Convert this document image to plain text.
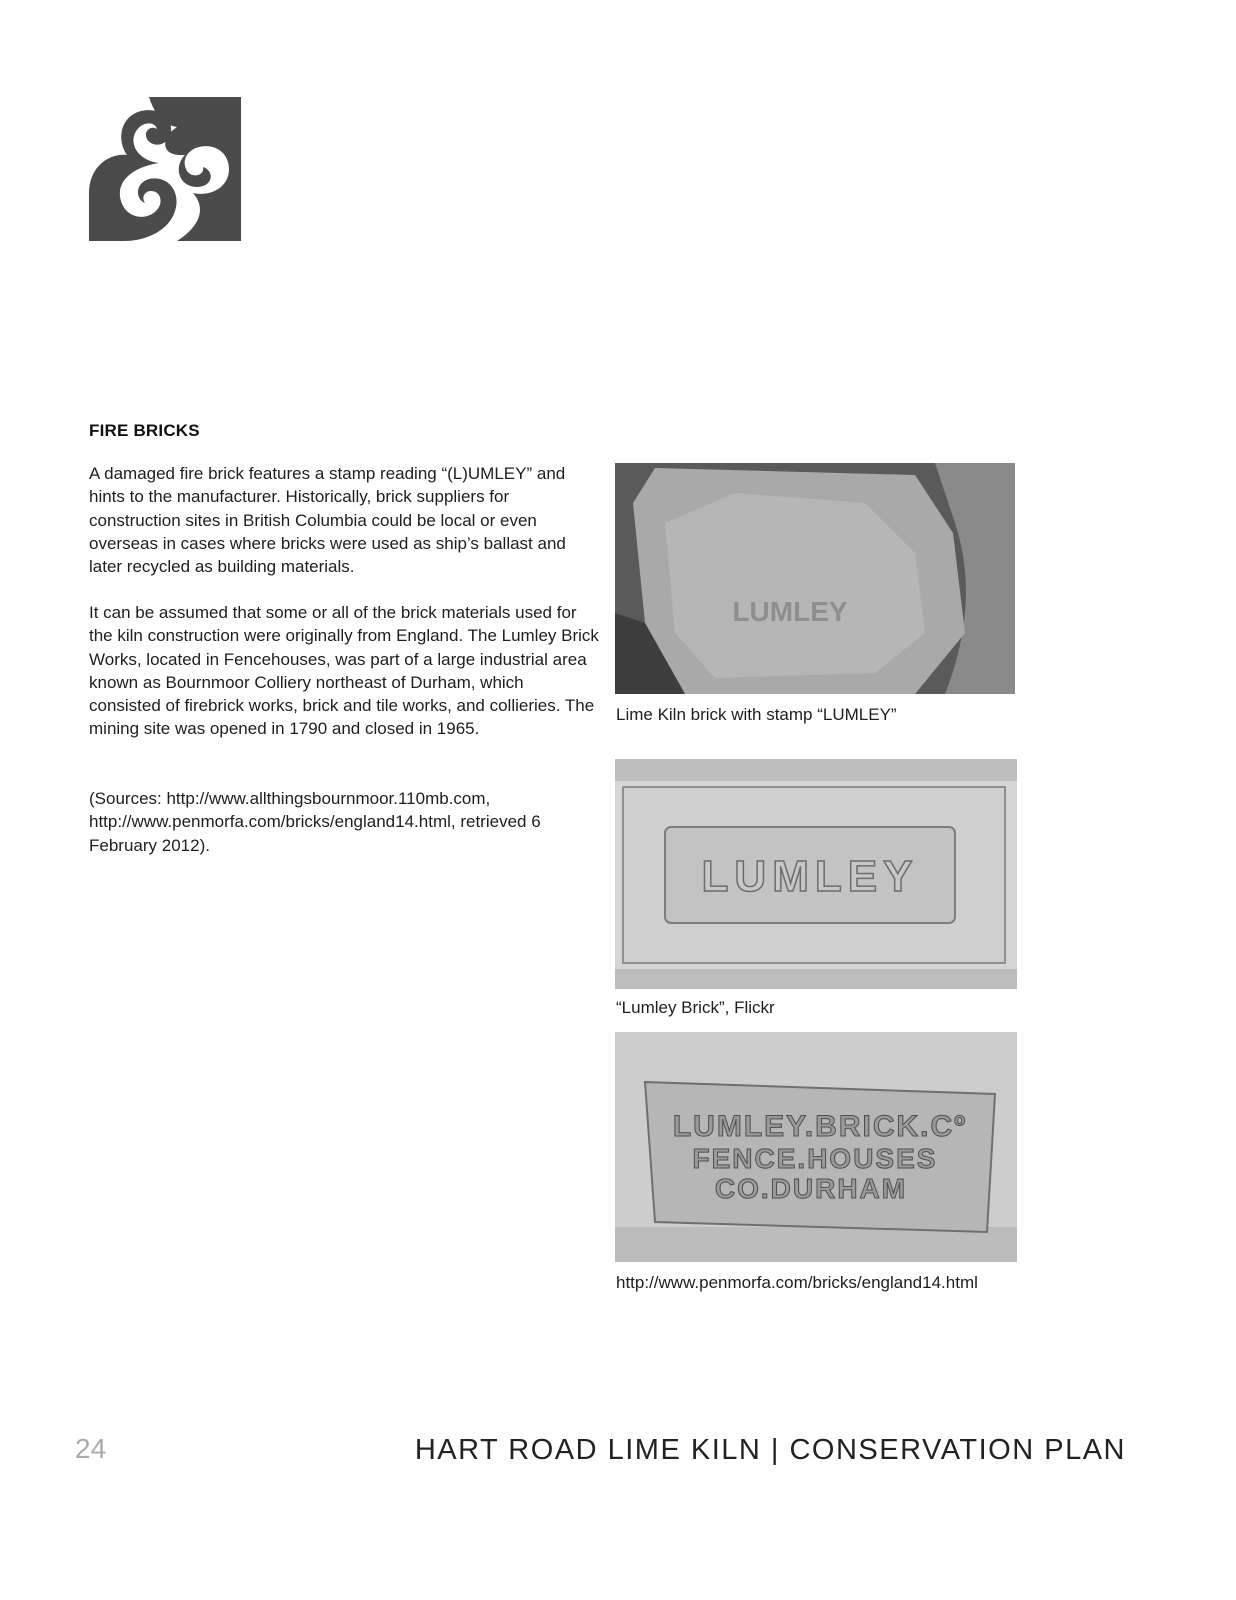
FIRE BRICKS
A damaged fire brick features a stamp reading “(L)UMLEY” and hints to the manufacturer. Historically, brick suppliers for construction sites in British Columbia could be local or even overseas in cases where bricks were used as ship’s ballast and later recycled as building materials.
It can be assumed that some or all of the brick materials used for the kiln construction were originally from England. The Lumley Brick Works, located in Fencehouses, was part of a large industrial area known as Bournmoor Colliery northeast of Durham, which consisted of firebrick works, brick and tile works, and collieries. The mining site was opened in 1790 and closed in 1965.
(Sources: http://www.allthingsbournmoor.110mb.com, http://www.penmorfa.com/bricks/england14.html, retrieved 6 February 2012).
LUMLEY
Lime Kiln brick with stamp “LUMLEY”
LUMLEY
“Lumley Brick”, Flickr
LUMLEY.BRICK.Cº
FENCE.HOUSES
CO.DURHAM
http://www.penmorfa.com/bricks/england14.html
24	HART ROAD LIME KILN | CONSERVATION PLAN
